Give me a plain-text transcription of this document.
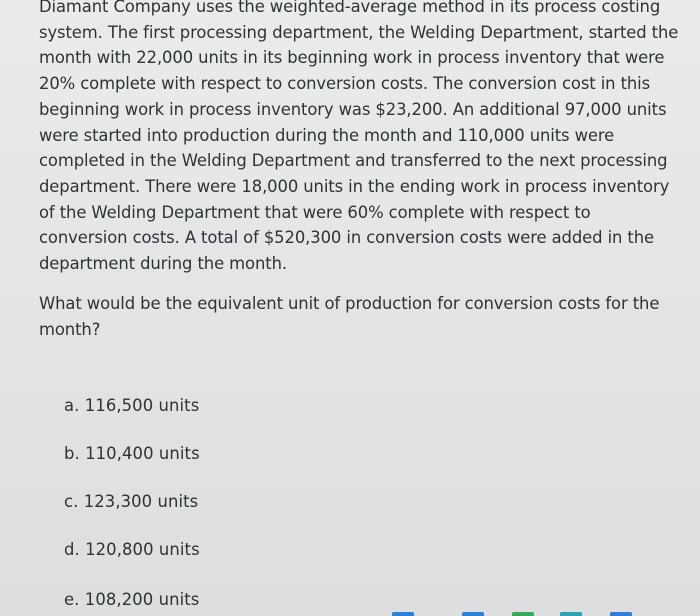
Diamant Company uses the weighted-average method in its process costing system. The first processing department, the Welding Department, started the month with 22,000 units in its beginning work in process inventory that were 20% complete with respect to conversion costs. The conversion cost in this beginning work in process inventory was $23,200. An additional 97,000 units were started into production during the month and 110,000 units were completed in the Welding Department and transferred to the next processing department. There were 18,000 units in the ending work in process inventory of the Welding Department that were 60% complete with respect to conversion costs. A total of $520,300 in conversion costs were added in the department during the month.

What would be the equivalent unit of production for conversion costs for the month?

a. 116,500 units
b. 110,400 units
c. 123,300 units
d. 120,800 units
e. 108,200 units
